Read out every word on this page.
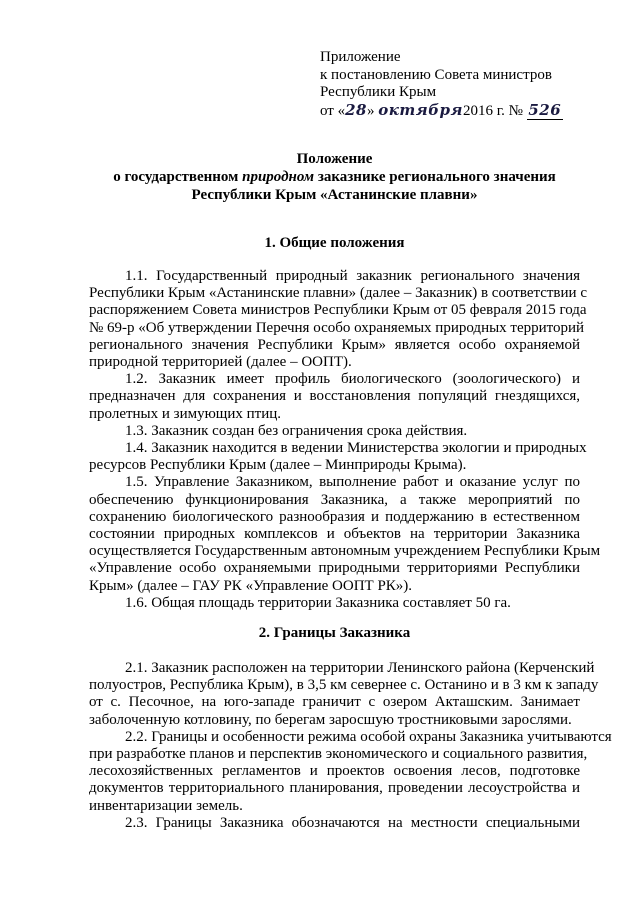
Приложение
к постановлению Совета министров
Республики Крым
от «28» октября2016 г. № 526
Положение
о государственном природном заказнике регионального значения
Республики Крым «Астанинские плавни»
1. Общие положения
1.1. Государственный природный заказник регионального значения
Республики Крым «Астанинские плавни» (далее – Заказник) в соответствии с
распоряжением Совета министров Республики Крым от 05 февраля 2015 года
№ 69-р «Об утверждении Перечня особо охраняемых природных территорий
регионального значения Республики Крым» является особо охраняемой
природной территорией (далее – ООПТ).
1.2. Заказник имеет профиль биологического (зоологического) и
предназначен для сохранения и восстановления популяций гнездящихся,
пролетных и зимующих птиц.
1.3. Заказник создан без ограничения срока действия.
1.4. Заказник находится в ведении Министерства экологии и природных
ресурсов Республики Крым (далее – Минприроды Крыма).
1.5. Управление Заказником, выполнение работ и оказание услуг по
обеспечению функционирования Заказника, а также мероприятий по
сохранению биологического разнообразия и поддержанию в естественном
состоянии природных комплексов и объектов на территории Заказника
осуществляется Государственным автономным учреждением Республики Крым
«Управление особо охраняемыми природными территориями Республики
Крым» (далее – ГАУ РК «Управление ООПТ РК»).
1.6. Общая площадь территории Заказника составляет 50 га.
2. Границы Заказника
2.1. Заказник расположен на территории Ленинского района (Керченский
полуостров, Республика Крым), в 3,5 км севернее с. Останино и в 3 км к западу
от с. Песочное, на юго-западе граничит с озером Акташским. Занимает
заболоченную котловину, по берегам заросшую тростниковыми зарослями.
2.2. Границы и особенности режима особой охраны Заказника учитываются
при разработке планов и перспектив экономического и социального развития,
лесохозяйственных регламентов и проектов освоения лесов, подготовке
документов территориального планирования, проведении лесоустройства и
инвентаризации земель.
2.3. Границы Заказника обозначаются на местности специальными
